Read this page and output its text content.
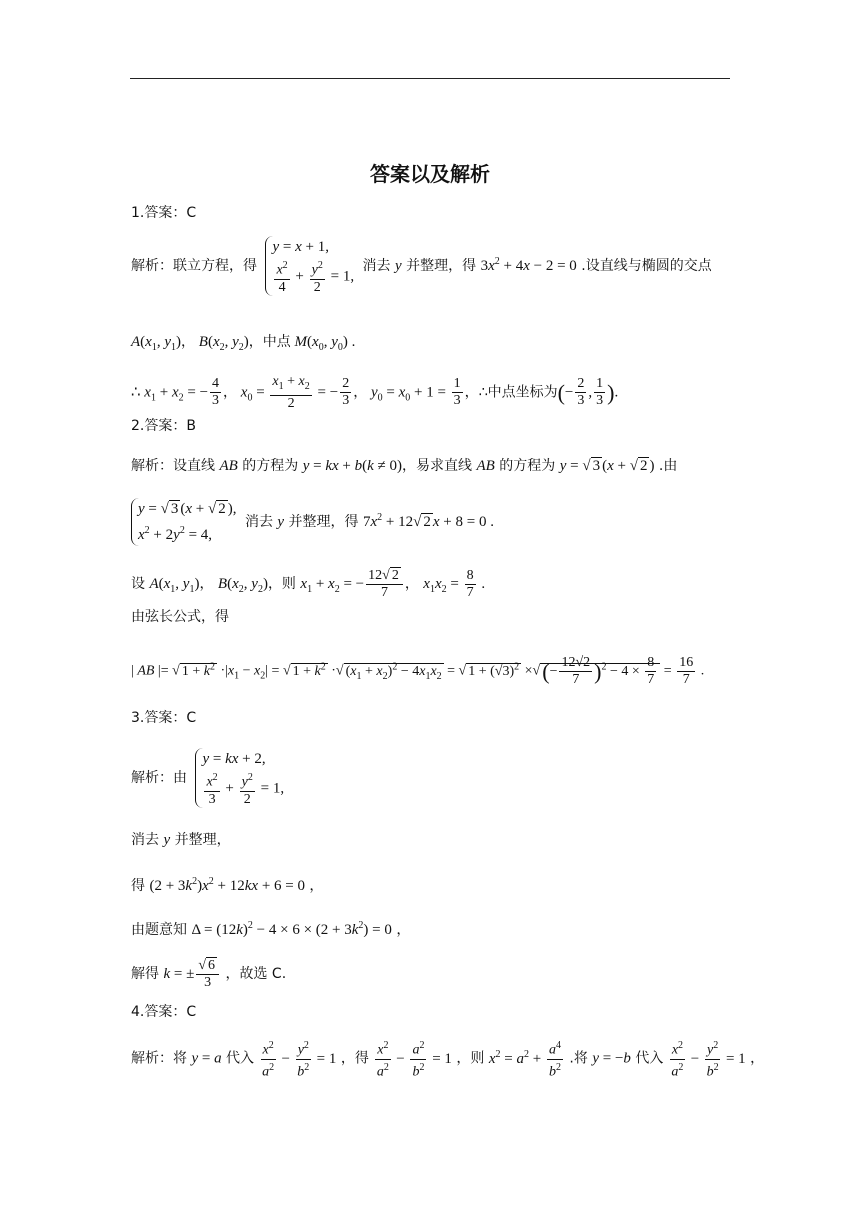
答案以及解析
1.答案：C
解析：联立方程，得
y = x + 1,
$\frac{x^2}{4} + \frac{y^2}{2} = 1$,
消去 y 并整理，得 $3x^2 + 4x - 2 = 0$ .设直线与椭圆的交点
$A(x_1$, $y_1$)， $B(x_2$, $y_2$)，中点 $M(x_0$, $y_0$) .
∴ $x_1 + x_2$ = − $\frac{4}{3}$ ， $x_0 = \frac{x_1 + x_2}{2}$ = − $\frac{2}{3}$ ， $y_0 = x_0 + 1 = \frac{1}{3}$ ，∴中点坐标为(− $\frac{2}{3}$ , $\frac{1}{3}$ ).
2.答案：B
解析：设直线 AB 的方程为 y = kx + b(k ≠ 0)，易求直线 AB 的方程为 y = √ 3 (x + √ 2 ) .由
y = √ 3 (x + √ 2 ),
$x^2 + 2y^2 = 4$,
消去 y 并整理，得 $7x^2 + 12√$ 2 x + 8 = 0 .
设 $A(x_1$, $y_1$)， $B(x_2$, $y_2$)，则 $x_1 + x_2$ = − $\frac{12√ 2}{7}$ ， $x_1x_2 = \frac{8}{7}$ .
由弦长公式，得
| AB |= √ $1 + k^2 \cdot|x_1 - x_2|$ = √ $1 + k^2$ ·√ $(x_1 + x_2)^2 - 4x_1x_2$ = √ $1 + (√3)^2$ ×√(− $\frac{12√2}{7} )^2 - 4 \times \frac{8}{7} = \frac{16}{7}$ .
3.答案：C
解析：由
y = kx + 2,
$\frac{x^2}{3} + \frac{y^2}{2} = 1$,
消去 y 并整理，
得 $(2 + 3k^2)x^2 + 12kx + 6 = 0$ ，
由题意知 $\Delta = (12k)^2 - 4 \times 6 \times (2 + 3k^2) = 0$ ，
解得 k = ± $\frac{√ 6}{3}$ ，故选 C.
4.答案：C
解析：将 y = a 代入 $\frac{x^2}{a^2} - \frac{y^2}{b^2} = 1$ ，得 $\frac{x^2}{a^2} - \frac{a^2}{b^2} = 1$ ，则 $x^2 = a^2 + \frac{a^4}{b^2}$ .将 y = −b 代入 $\frac{x^2}{a^2} - \frac{y^2}{b^2} = 1$ ，
